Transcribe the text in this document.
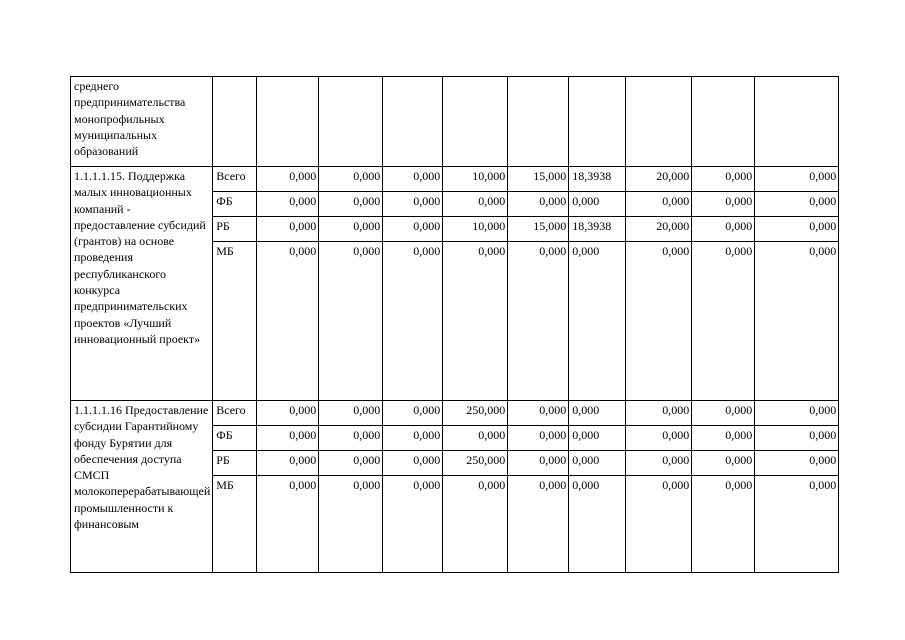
среднего предпринимательства монопрофильных муниципальных образований										

1.1.1.1.15. Поддержка малых инновационных компаний - предоставление субсидий (грантов) на основе проведения республиканского конкурса предпринимательских проектов «Лучший инновационный проект»	Всего	0,000	0,000	0,000	10,000	15,000	18,3938	20,000	0,000	0,000
	ФБ	0,000	0,000	0,000	0,000	0,000	0,000	0,000	0,000	0,000
	РБ	0,000	0,000	0,000	10,000	15,000	18,3938	20,000	0,000	0,000
	МБ	0,000	0,000	0,000	0,000	0,000	0,000	0,000	0,000	0,000
1.1.1.1.16 Предоставление субсидии Гарантийному фонду Бурятии для обеспечения доступа СМСП молокоперерабатывающей промышленности к финансовым	Всего	0,000	0,000	0,000	250,000	0,000	0,000	0,000	0,000	0,000
	ФБ	0,000	0,000	0,000	0,000	0,000	0,000	0,000	0,000	0,000
	РБ	0,000	0,000	0,000	250,000	0,000	0,000	0,000	0,000	0,000
	МБ	0,000	0,000	0,000	0,000	0,000	0,000	0,000	0,000	0,000
